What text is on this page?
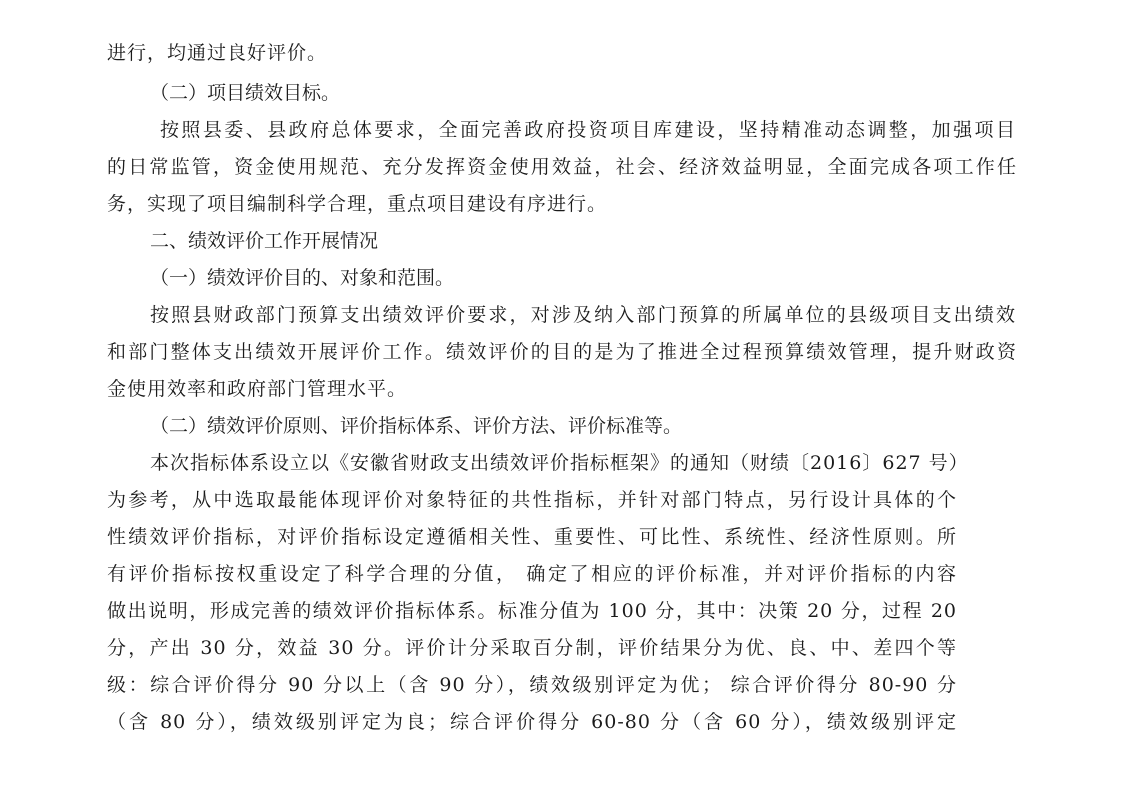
进行，均通过良好评价。
（二）项目绩效目标。
按照县委、县政府总体要求，全面完善政府投资项目库建设，坚持精准动态调整，加强项目
的日常监管，资金使用规范、充分发挥资金使用效益，社会、经济效益明显，全面完成各项工作任
务，实现了项目编制科学合理，重点项目建设有序进行。
二、绩效评价工作开展情况
（一）绩效评价目的、对象和范围。
按照县财政部门预算支出绩效评价要求，对涉及纳入部门预算的所属单位的县级项目支出绩效
和部门整体支出绩效开展评价工作。绩效评价的目的是为了推进全过程预算绩效管理，提升财政资
金使用效率和政府部门管理水平。
（二）绩效评价原则、评价指标体系、评价方法、评价标准等。
本次指标体系设立以《安徽省财政支出绩效评价指标框架》的通知（财绩〔2016〕627 号）
为参考，从中选取最能体现评价对象特征的共性指标，并针对部门特点，另行设计具体的个
性绩效评价指标，对评价指标设定遵循相关性、重要性、可比性、系统性、经济性原则。所
有评价指标按权重设定了科学合理的分值， 确定了相应的评价标准，并对评价指标的内容
做出说明，形成完善的绩效评价指标体系。标准分值为 100 分，其中：决策 20 分，过程 20
分，产出 30 分，效益 30 分。评价计分采取百分制，评价结果分为优、良、中、差四个等
级：综合评价得分 90 分以上（含 90 分），绩效级别评定为优； 综合评价得分 80-90 分
（含 80 分），绩效级别评定为良；综合评价得分 60-80 分（含 60 分），绩效级别评定
